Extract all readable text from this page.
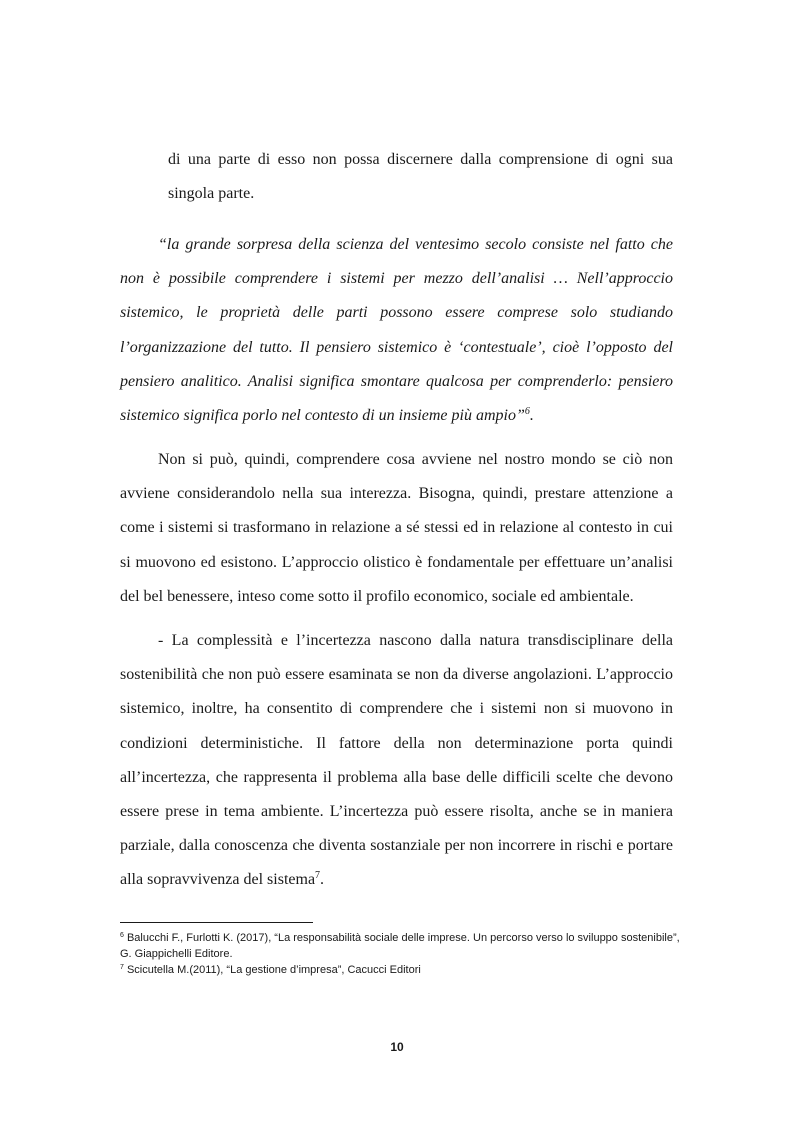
di una parte di esso non possa discernere dalla comprensione di ogni sua singola parte.

“la grande sorpresa della scienza del ventesimo secolo consiste nel fatto che non è possibile comprendere i sistemi per mezzo dell’analisi … Nell’approccio sistemico, le proprietà delle parti possono essere comprese solo studiando l’organizzazione del tutto. Il pensiero sistemico è ‘contestuale’, cioè l’opposto del pensiero analitico. Analisi significa smontare qualcosa per comprenderlo: pensiero sistemico significa porlo nel contesto di un insieme più ampio”$^6$.

Non si può, quindi, comprendere cosa avviene nel nostro mondo se ciò non avviene considerandolo nella sua interezza. Bisogna, quindi, prestare attenzione a come i sistemi si trasformano in relazione a sé stessi ed in relazione al contesto in cui si muovono ed esistono. L’approccio olistico è fondamentale per effettuare un’analisi del bel benessere, inteso come sotto il profilo economico, sociale ed ambientale.

- La complessità e l’incertezza nascono dalla natura transdisciplinare della sostenibilità che non può essere esaminata se non da diverse angolazioni. L’approccio sistemico, inoltre, ha consentito di comprendere che i sistemi non si muovono in condizioni deterministiche. Il fattore della non determinazione porta quindi all’incertezza, che rappresenta il problema alla base delle difficili scelte che devono essere prese in tema ambiente. L’incertezza può essere risolta, anche se in maniera parziale, dalla conoscenza che diventa sostanziale per non incorrere in rischi e portare alla sopravvivenza del sistema$^7$.

$^6$ Balucchi F., Furlotti K. (2017), “La responsabilità sociale delle imprese. Un percorso verso lo sviluppo sostenibile”, G. Giappichelli Editore.

$^7$ Scicutella M.(2011), “La gestione d’impresa”, Cacucci Editori

10
